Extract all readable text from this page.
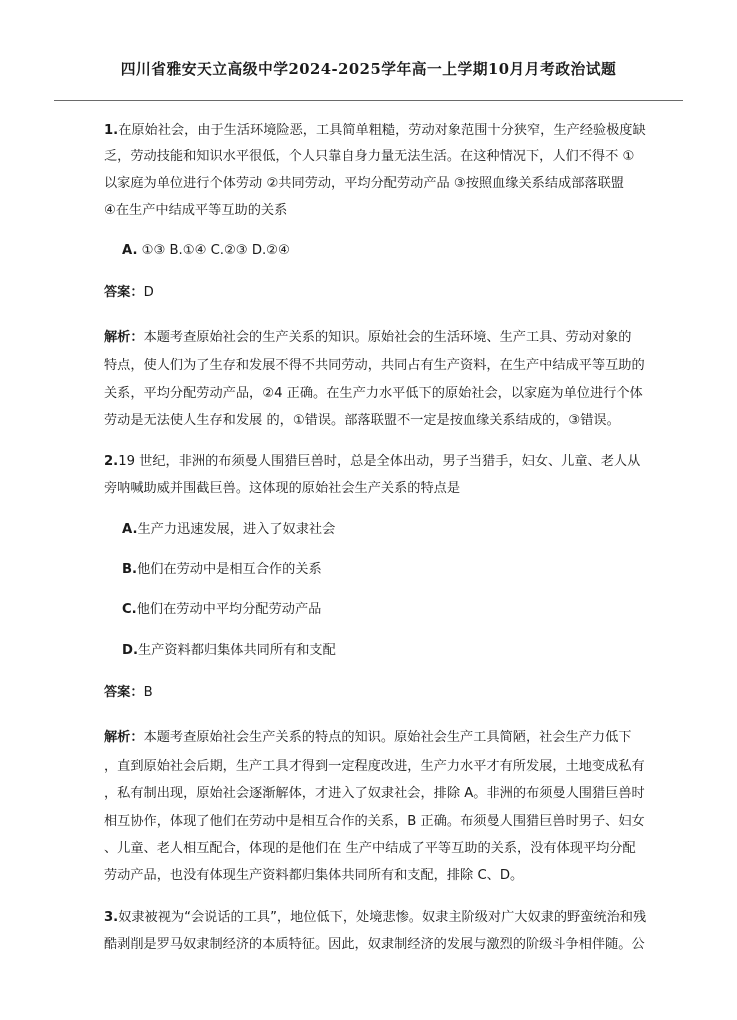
四川省雅安天立高级中学2024-2025学年高一上学期10月月考政治试题
1.在原始社会，由于生活环境险恶，工具简单粗糙，劳动对象范围十分狭窄，生产经验极度缺
乏，劳动技能和知识水平很低，个人只靠自身力量无法生活。在这种情况下，人们不得不 ①
以家庭为单位进行个体劳动 ②共同劳动，平均分配劳动产品 ③按照血缘关系结成部落联盟
④在生产中结成平等互助的关系
A. ①③ B.①④ C.②③ D.②④
答案：D
解析：本题考查原始社会的生产关系的知识。原始社会的生活环境、生产工具、劳动对象的
特点，使人们为了生存和发展不得不共同劳动，共同占有生产资料，在生产中结成平等互助的
关系，平均分配劳动产品，②4 正确。在生产力水平低下的原始社会，以家庭为单位进行个体
劳动是无法使人生存和发展 的，①错误。部落联盟不一定是按血缘关系结成的，③错误。
2.19 世纪，非洲的布须曼人围猎巨兽时，总是全体出动，男子当猎手，妇女、儿童、老人从
旁呐喊助威并围截巨兽。这体现的原始社会生产关系的特点是
A.生产力迅速发展，进入了奴隶社会
B.他们在劳动中是相互合作的关系
C.他们在劳动中平均分配劳动产品
D.生产资料都归集体共同所有和支配
答案：B
解析：本题考查原始社会生产关系的特点的知识。原始社会生产工具简陋，社会生产力低下
，直到原始社会后期，生产工具才得到一定程度改进，生产力水平才有所发展，土地变成私有
，私有制出现，原始社会逐渐解体，才进入了奴隶社会，排除 A。非洲的布须曼人围猎巨兽时
相互协作，体现了他们在劳动中是相互合作的关系，B 正确。布须曼人围猎巨兽时男子、妇女
、儿童、老人相互配合，体现的是他们在 生产中结成了平等互助的关系，没有体现平均分配
劳动产品，也没有体现生产资料都归集体共同所有和支配，排除 C、D。
3.奴隶被视为“会说话的工具”，地位低下，处境悲惨。奴隶主阶级对广大奴隶的野蛮统治和残
酷剥削是罗马奴隶制经济的本质特征。因此，奴隶制经济的发展与激烈的阶级斗争相伴随。公
